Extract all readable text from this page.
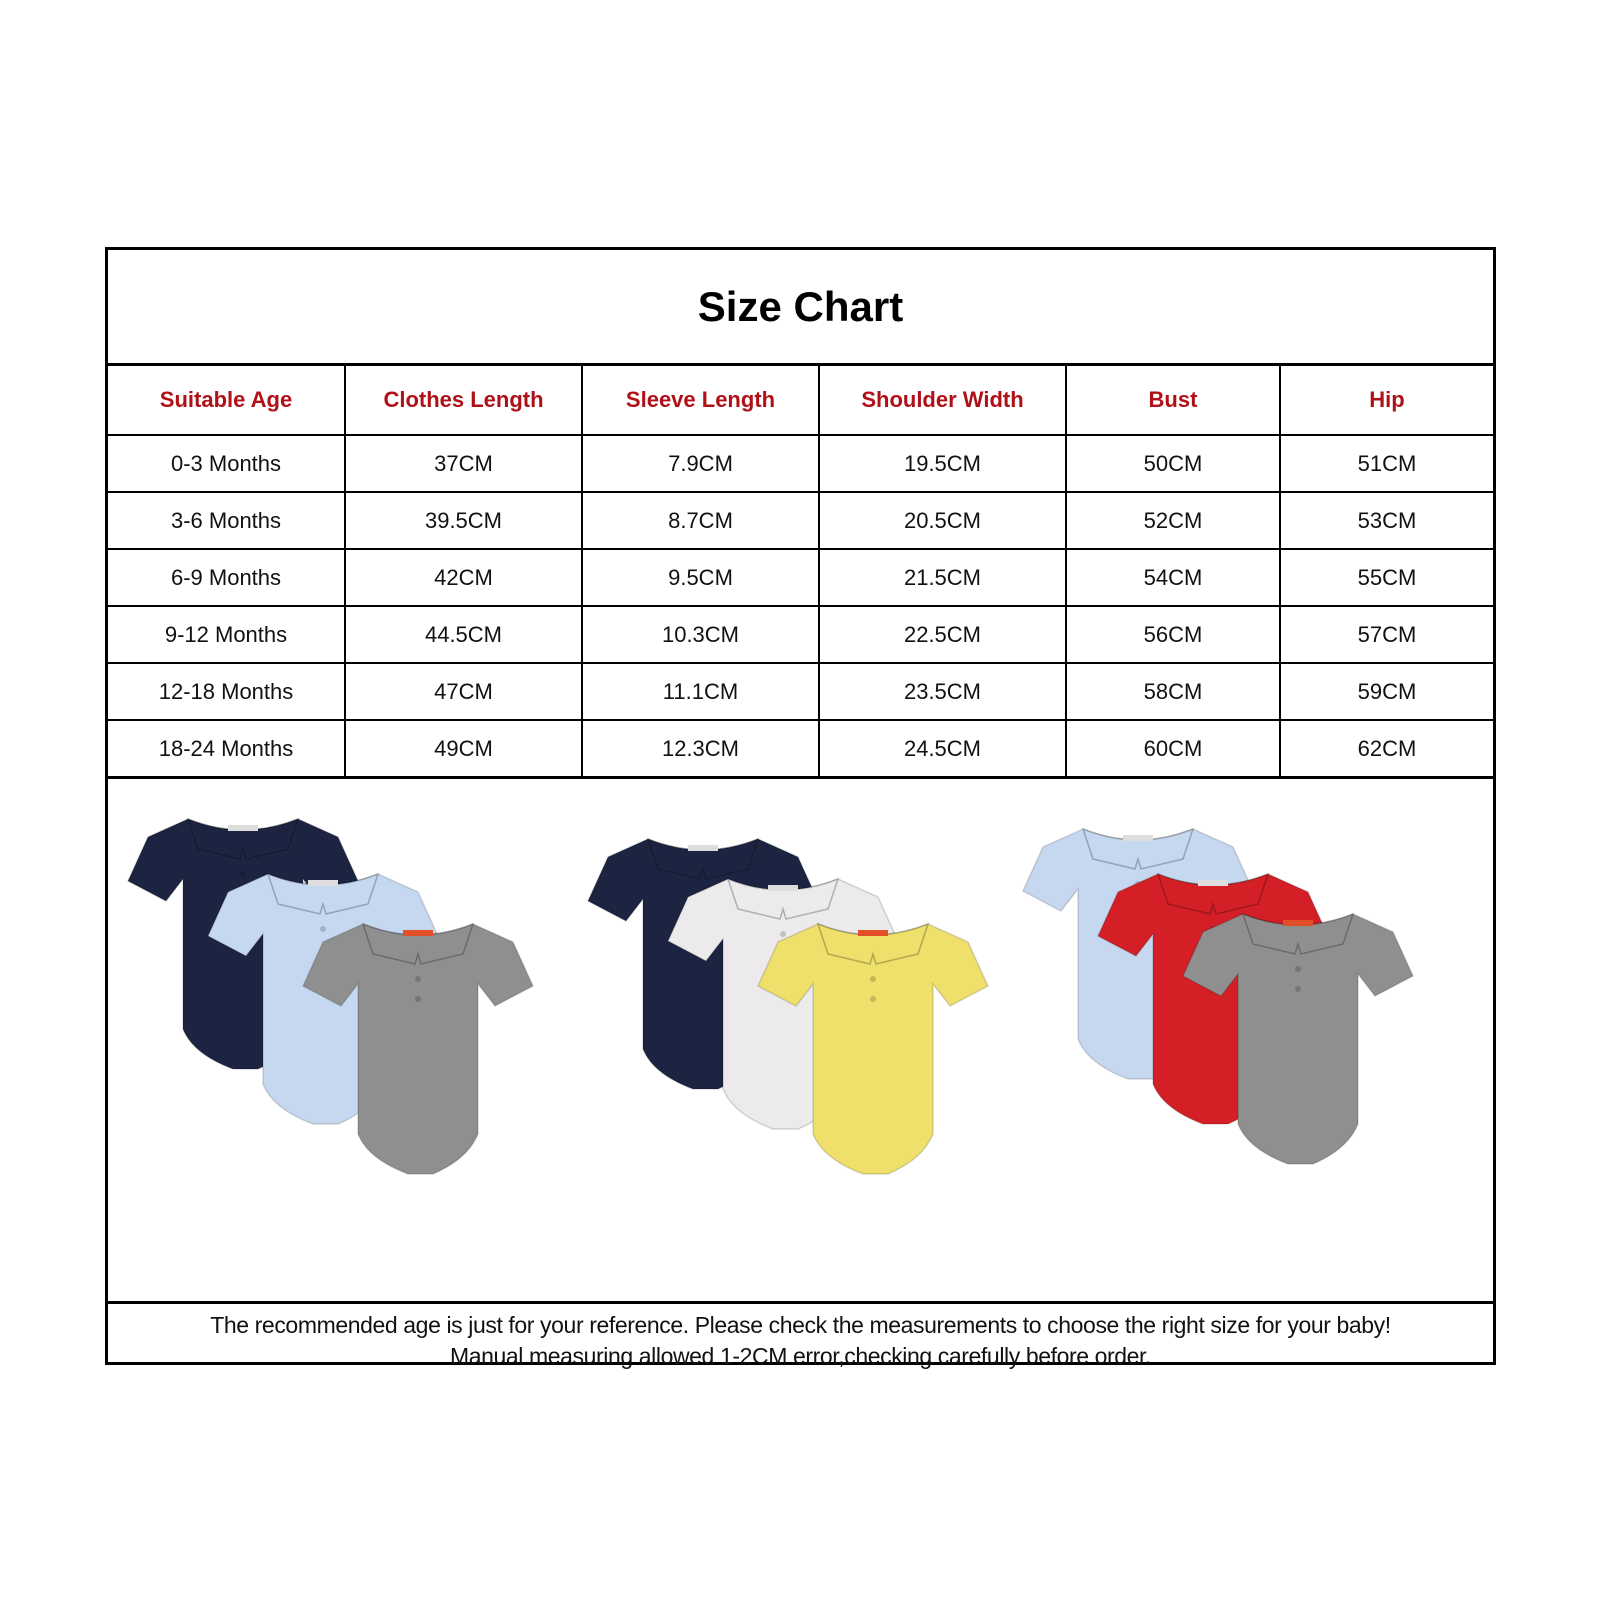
Size Chart
Suitable Age	Clothes Length	Sleeve Length	Shoulder Width	Bust	Hip
0-3 Months	37CM	7.9CM	19.5CM	50CM	51CM
3-6 Months	39.5CM	8.7CM	20.5CM	52CM	53CM
6-9 Months	42CM	9.5CM	21.5CM	54CM	55CM
9-12 Months	44.5CM	10.3CM	22.5CM	56CM	57CM
12-18 Months	47CM	11.1CM	23.5CM	58CM	59CM
18-24 Months	49CM	12.3CM	24.5CM	60CM	62CM
The recommended age is just for your reference. Please check the measurements to choose the right size for your baby!
Manual measuring allowed 1-2CM error,checking carefully before order.
